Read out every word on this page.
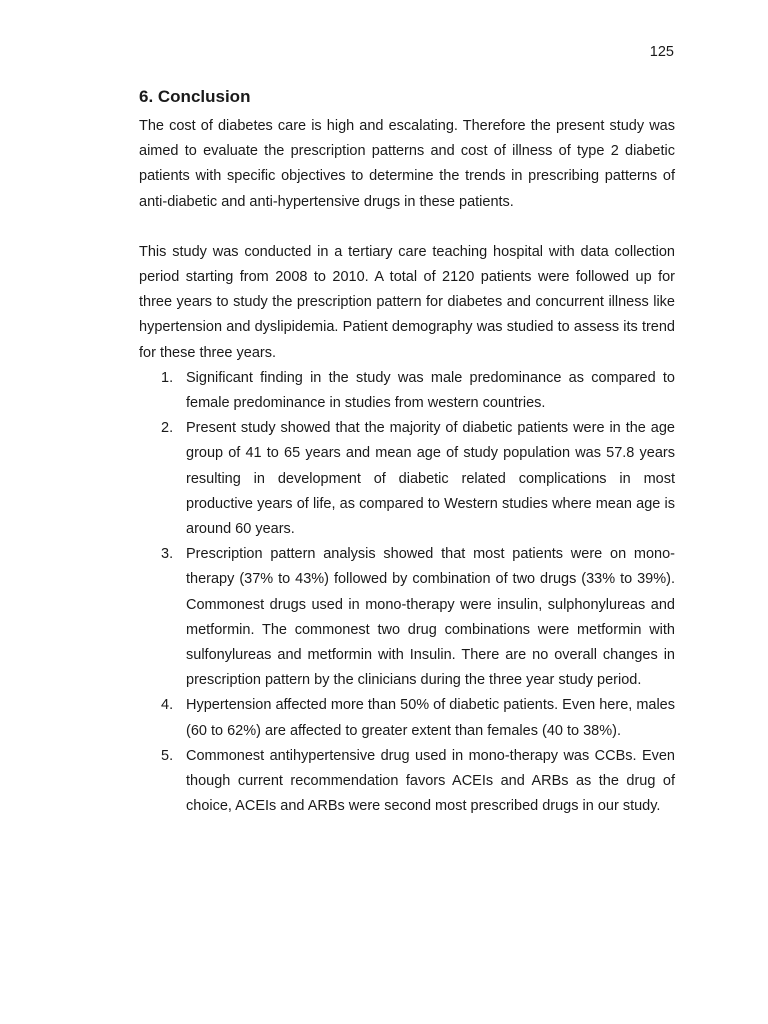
125
6. Conclusion

The cost of diabetes care is high and escalating. Therefore the present study was aimed to evaluate the prescription patterns and cost of illness of type 2 diabetic patients with specific objectives to determine the trends in prescribing patterns of anti-diabetic and anti-hypertensive drugs in these patients.

This study was conducted in a tertiary care teaching hospital with data collection period starting from 2008 to 2010. A total of 2120 patients were followed up for three years to study the prescription pattern for diabetes and concurrent illness like hypertension and dyslipidemia. Patient demography was studied to assess its trend for these three years.

1. Significant finding in the study was male predominance as compared to female predominance in studies from western countries.
2. Present study showed that the majority of diabetic patients were in the age group of 41 to 65 years and mean age of study population was 57.8 years resulting in development of diabetic related complications in most productive years of life, as compared to Western studies where mean age is around 60 years.
3. Prescription pattern analysis showed that most patients were on mono-therapy (37% to 43%) followed by combination of two drugs (33% to 39%). Commonest drugs used in mono-therapy were insulin, sulphonylureas and metformin. The commonest two drug combinations were metformin with sulfonylureas and metformin with Insulin. There are no overall changes in prescription pattern by the clinicians during the three year study period.
4. Hypertension affected more than 50% of diabetic patients. Even here, males (60 to 62%) are affected to greater extent than females (40 to 38%).
5. Commonest antihypertensive drug used in mono-therapy was CCBs. Even though current recommendation favors ACEIs and ARBs as the drug of choice, ACEIs and ARBs were second most prescribed drugs in our study.
